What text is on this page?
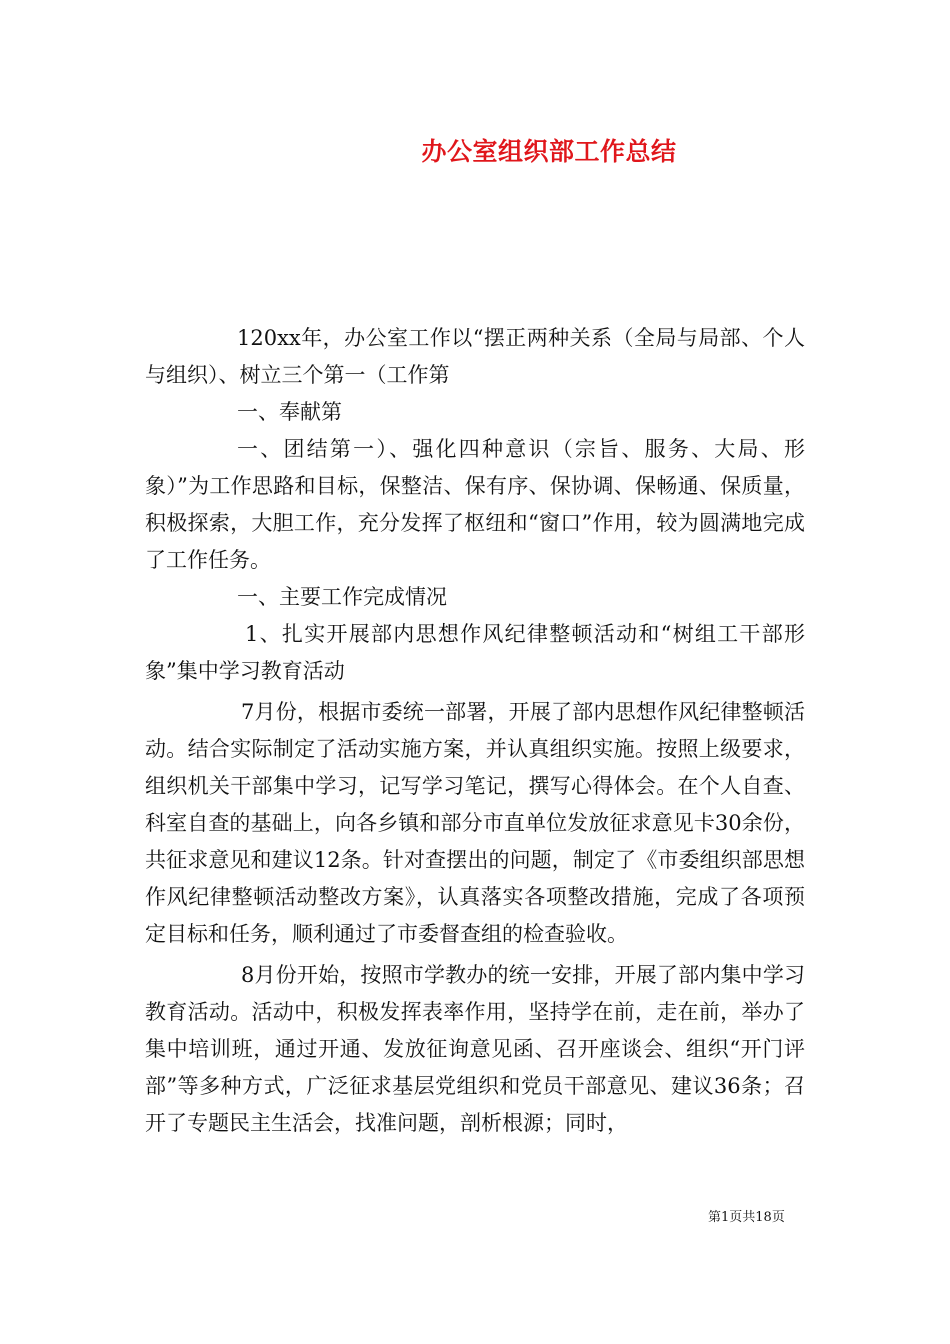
办公室组织部工作总结

120xx年，办公室工作以“摆正两种关系（全局与局部、个人与组织）、树立三个第一（工作第

一、奉献第

一、团结第一）、强化四种意识（宗旨、服务、大局、形象）”为工作思路和目标，保整洁、保有序、保协调、保畅通、保质量，积极探索，大胆工作，充分发挥了枢纽和“窗口”作用，较为圆满地完成了工作任务。

一、主要工作完成情况

1、扎实开展部内思想作风纪律整顿活动和“树组工干部形象”集中学习教育活动

7月份，根据市委统一部署，开展了部内思想作风纪律整顿活动。结合实际制定了活动实施方案，并认真组织实施。按照上级要求，组织机关干部集中学习，记写学习笔记，撰写心得体会。在个人自查、科室自查的基础上，向各乡镇和部分市直单位发放征求意见卡30余份，共征求意见和建议12条。针对查摆出的问题，制定了《市委组织部思想作风纪律整顿活动整改方案》，认真落实各项整改措施，完成了各项预定目标和任务，顺利通过了市委督查组的检查验收。

8月份开始，按照市学教办的统一安排，开展了部内集中学习教育活动。活动中，积极发挥表率作用，坚持学在前，走在前，举办了集中培训班，通过开通、发放征询意见函、召开座谈会、组织“开门评部”等多种方式，广泛征求基层党组织和党员干部意见、建议36条；召开了专题民主生活会，找准问题，剖析根源；同时，

第1页共18页
